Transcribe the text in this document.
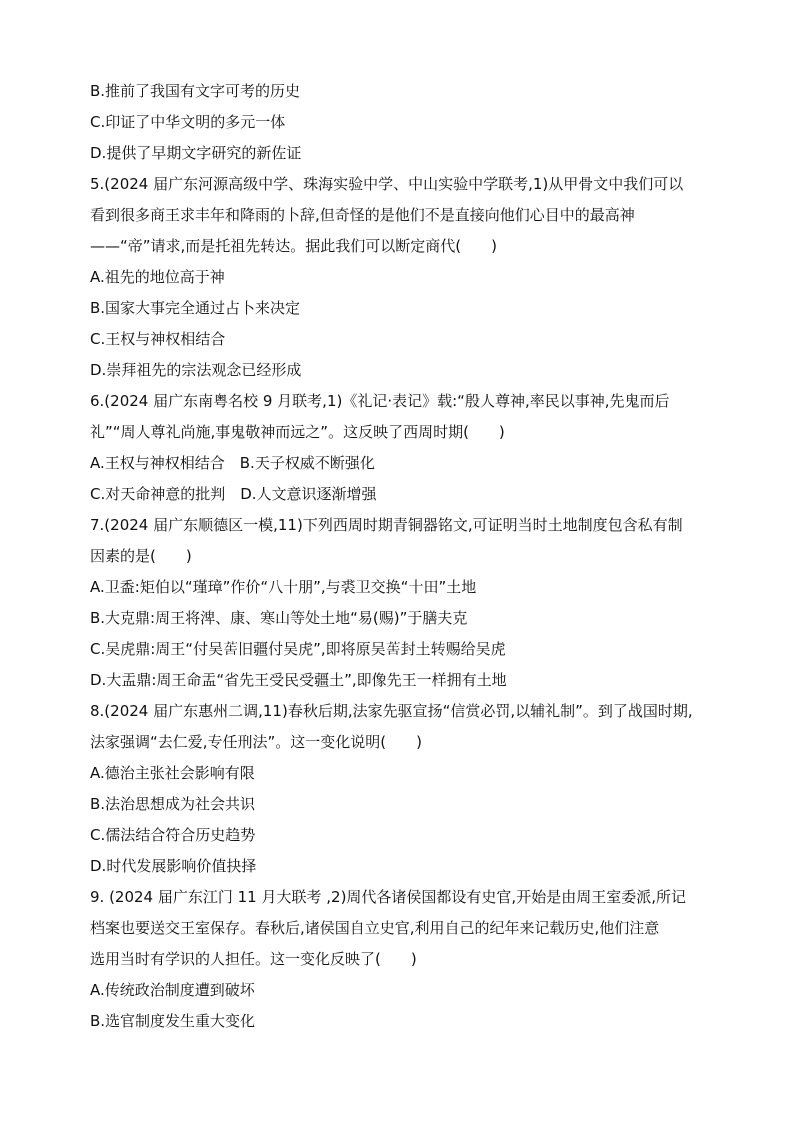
B.推前了我国有文字可考的历史
C.印证了中华文明的多元一体
D.提供了早期文字研究的新佐证
5.(2024 届广东河源高级中学、珠海实验中学、中山实验中学联考,1)从甲骨文中我们可以
看到很多商王求丰年和降雨的卜辞,但奇怪的是他们不是直接向他们心目中的最高神
——“帝”请求,而是托祖先转达。据此我们可以断定商代(　　)
A.祖先的地位高于神
B.国家大事完全通过占卜来决定
C.王权与神权相结合
D.崇拜祖先的宗法观念已经形成
6.(2024 届广东南粤名校 9 月联考,1)《礼记·表记》载:“殷人尊神,率民以事神,先鬼而后
礼”“周人尊礼尚施,事鬼敬神而远之”。这反映了西周时期(　　)
A.王权与神权相结合　B.天子权威不断强化
C.对天命神意的批判　D.人文意识逐渐增强
7.(2024 届广东顺德区一模,11)下列西周时期青铜器铭文,可证明当时土地制度包含私有制
因素的是(　　)
A.卫盉:矩伯以“瑾璋”作价“八十朋”,与裘卫交换“十田”土地
B.大克鼎:周王将渒、康、寒山等处土地“易(赐)”于膳夫克
C.吴虎鼎:周王“付吴𦮽旧疆付吴虎”,即将原吴𦮽封土转赐给吴虎
D.大盂鼎:周王命盂“省先王受民受疆土”,即像先王一样拥有土地
8.(2024 届广东惠州二调,11)春秋后期,法家先驱宣扬“信赏必罚,以辅礼制”。到了战国时期,
法家强调“去仁爱,专任刑法”。这一变化说明(　　)
A.德治主张社会影响有限
B.法治思想成为社会共识
C.儒法结合符合历史趋势
D.时代发展影响价值抉择
9. (2024 届广东江门 11 月大联考 ,2)周代各诸侯国都设有史官,开始是由周王室委派,所记
档案也要送交王室保存。春秋后,诸侯国自立史官,利用自己的纪年来记载历史,他们注意
选用当时有学识的人担任。这一变化反映了(　　)
A.传统政治制度遭到破坏
B.选官制度发生重大变化
